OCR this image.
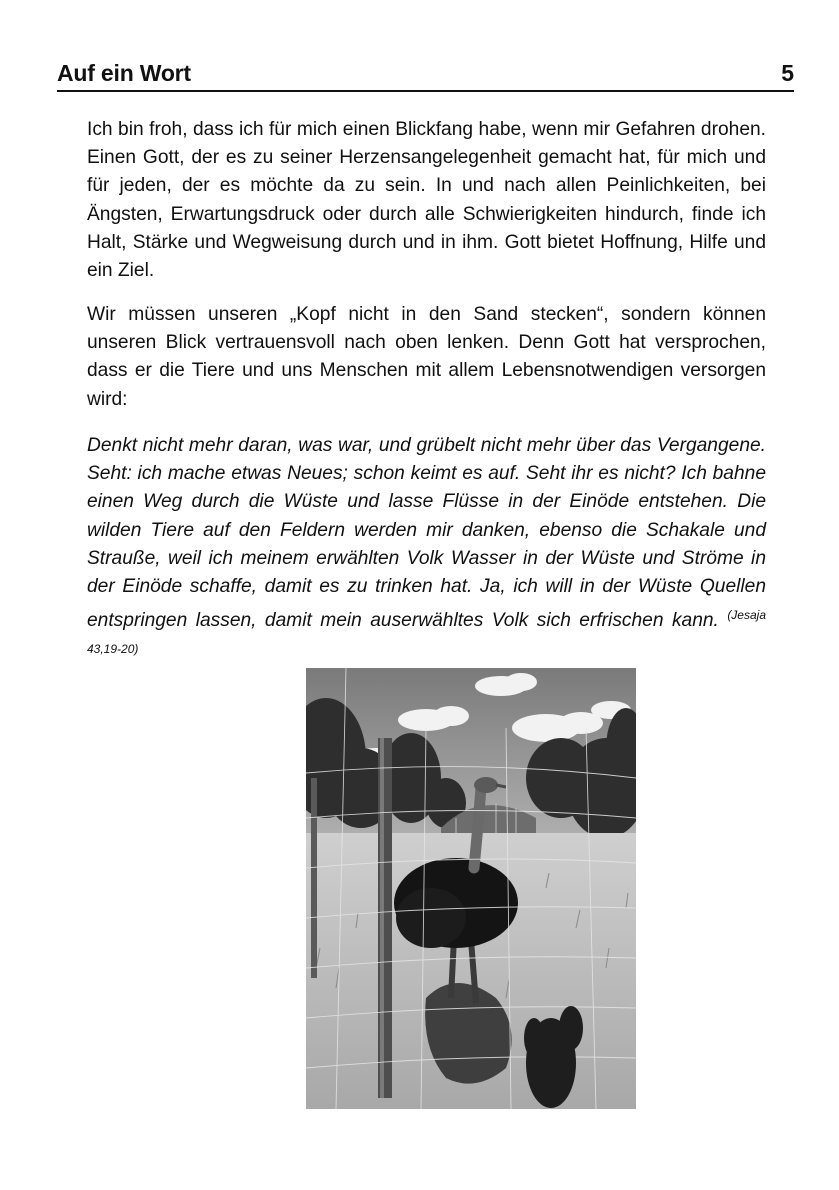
Auf ein Wort	5

Ich bin froh, dass ich für mich einen Blickfang habe, wenn mir Gefahren drohen. Einen Gott, der es zu seiner Herzensangelegenheit gemacht hat, für mich und für jeden, der es möchte da zu sein. In und nach allen Peinlichkeiten, bei Ängsten, Erwartungsdruck oder durch alle Schwierigkeiten hindurch, finde ich Halt, Stärke und Wegweisung durch und in ihm. Gott bietet Hoffnung, Hilfe und ein Ziel.

Wir müssen unseren „Kopf nicht in den Sand stecken“, sondern können unseren Blick vertrauensvoll nach oben lenken. Denn Gott hat versprochen, dass er die Tiere und uns Menschen mit allem Lebensnotwendigen versorgen wird:

Denkt nicht mehr daran, was war, und grübelt nicht mehr über das Vergangene. Seht: ich mache etwas Neues; schon keimt es auf. Seht ihr es nicht? Ich bahne einen Weg durch die Wüste und lasse Flüsse in der Einöde entstehen. Die wilden Tiere auf den Feldern werden mir danken, ebenso die Schakale und Strauße, weil ich meinem erwählten Volk Wasser in der Wüste und Ströme in der Einöde schaffe, damit es zu trinken hat. Ja, ich will in der Wüste Quellen entspringen lassen, damit mein auserwähltes Volk sich erfrischen kann. $^{(Jesaja 43,19-20)}$
